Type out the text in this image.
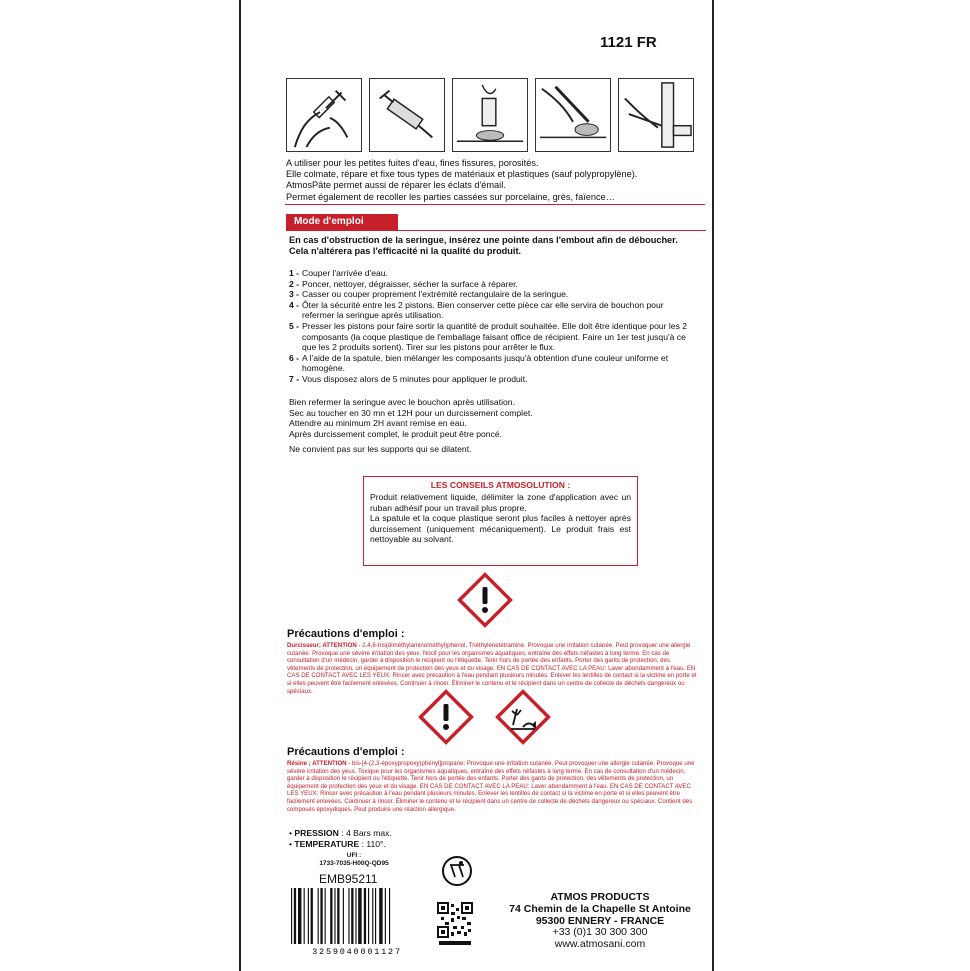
1121 FR
A utiliser pour les petites fuites d'eau, fines fissures, porosités.
Elle colmate, répare et fixe tous types de matériaux et plastiques (sauf polypropylène).
AtmosPâte permet aussi de réparer les éclats d'émail.
Permet également de recoller les parties cassées sur porcelaine, grès, faïence…
Mode d'emploi
En cas d'obstruction de la seringue, insérez une pointe dans l'embout afin de déboucher. Cela n'altérera pas l'efficacité ni la qualité du produit.
1 - Couper l'arrivée d'eau.
2 - Poncer, nettoyer, dégraisser, sécher la surface à réparer.
3 - Casser ou couper proprement l'extrémité rectangulaire de la seringue.
4 - Ôter la sécurité entre les 2 pistons. Bien conserver cette pièce car elle servira de bouchon pour refermer la seringue après utilisation.
5 - Presser les pistons pour faire sortir la quantité de produit souhaitée. Elle doit être identique pour les 2 composants (la coque plastique de l'emballage faisant office de récipient. Faire un 1er test jusqu'à ce que les 2 produits sortent). Tirer sur les pistons pour arrêter le flux.
6 - A l'aide de la spatule, bien mélanger les composants jusqu'à obtention d'une couleur uniforme et homogène.
7 - Vous disposez alors de 5 minutes pour appliquer le produit.

Bien refermer la seringue avec le bouchon après utilisation.

Sec au toucher en 30 mn et 12H pour un durcissement complet.

Attendre au minimum 2H avant remise en eau.

Après durcissement complet, le produit peut être poncé.

Ne convient pas sur les supports qui se dilatent.

LES CONSEILS ATMOSOLUTION :
Produit relativement liquide, délimiter la zone d'application avec un ruban adhésif pour un travail plus propre.
La spatule et la coque plastique seront plus faciles à nettoyer après durcissement (uniquement mécaniquement). Le produit frais est nettoyable au solvant.
Précautions d'emploi :
Durcisseur; ATTENTION - 2,4,6-tris(diméthylaminométhyl)phénol, Triéthylènetétramine. Provoque une irritation cutanée. Peut provoquer une allergie cutanée. Provoque une sévère irritation des yeux. Nocif pour les organismes aquatiques, entraîne des effets néfastes à long terme. En cas de consultation d'un médecin, garder à disposition le récipient ou l'étiquette. Tenir hors de portée des enfants. Porter des gants de protection, des vêtements de protection, un équipement de protection des yeux et du visage. EN CAS DE CONTACT AVEC LA PEAU: Laver abondamment à l'eau. EN CAS DE CONTACT AVEC LES YEUX: Rincer avec précaution à l'eau pendant plusieurs minutes. Enlever les lentilles de contact si la victime en porte et si elles peuvent être facilement enlevées. Continuer à rincer. Éliminer le contenu et le récipient dans un centre de collecte de déchets dangereux ou spéciaux.
Précautions d'emploi :
Résine ; ATTENTION - bis-[4-(2,3-époxypropoxy)phényl]propane; Provoque une irritation cutanée. Peut provoquer une allergie cutanée. Provoque une sévère irritation des yeux. Toxique pour les organismes aquatiques, entraîne des effets néfastes à long terme. En cas de consultation d'un médecin, garder à disposition le récipient ou l'étiquette. Tenir hors de portée des enfants. Porter des gants de protection, des vêtements de protection, un équipement de protection des yeux et du visage. EN CAS DE CONTACT AVEC LA PEAU: Laver abondamment à l'eau. EN CAS DE CONTACT AVEC LES YEUX: Rincer avec précaution à l'eau pendant plusieurs minutes. Enlever les lentilles de contact si la victime en porte et si elles peuvent être facilement enlevées. Continuer à rincer. Éliminer le contenu et le récipient dans un centre de collecte de déchets dangereux ou spéciaux. Contient des composés époxydiques. Peut produire une réaction allergique.
• PRESSION : 4 Bars max.
• TEMPERATURE : 110°.
UFI :
1733-7035-H00Q-QD95
EMB95211
3259040001127
ATMOS PRODUCTS
74 Chemin de la Chapelle St Antoine
95300 ENNERY - FRANCE
+33 (0)1 30 300 300
www.atmosani.com
